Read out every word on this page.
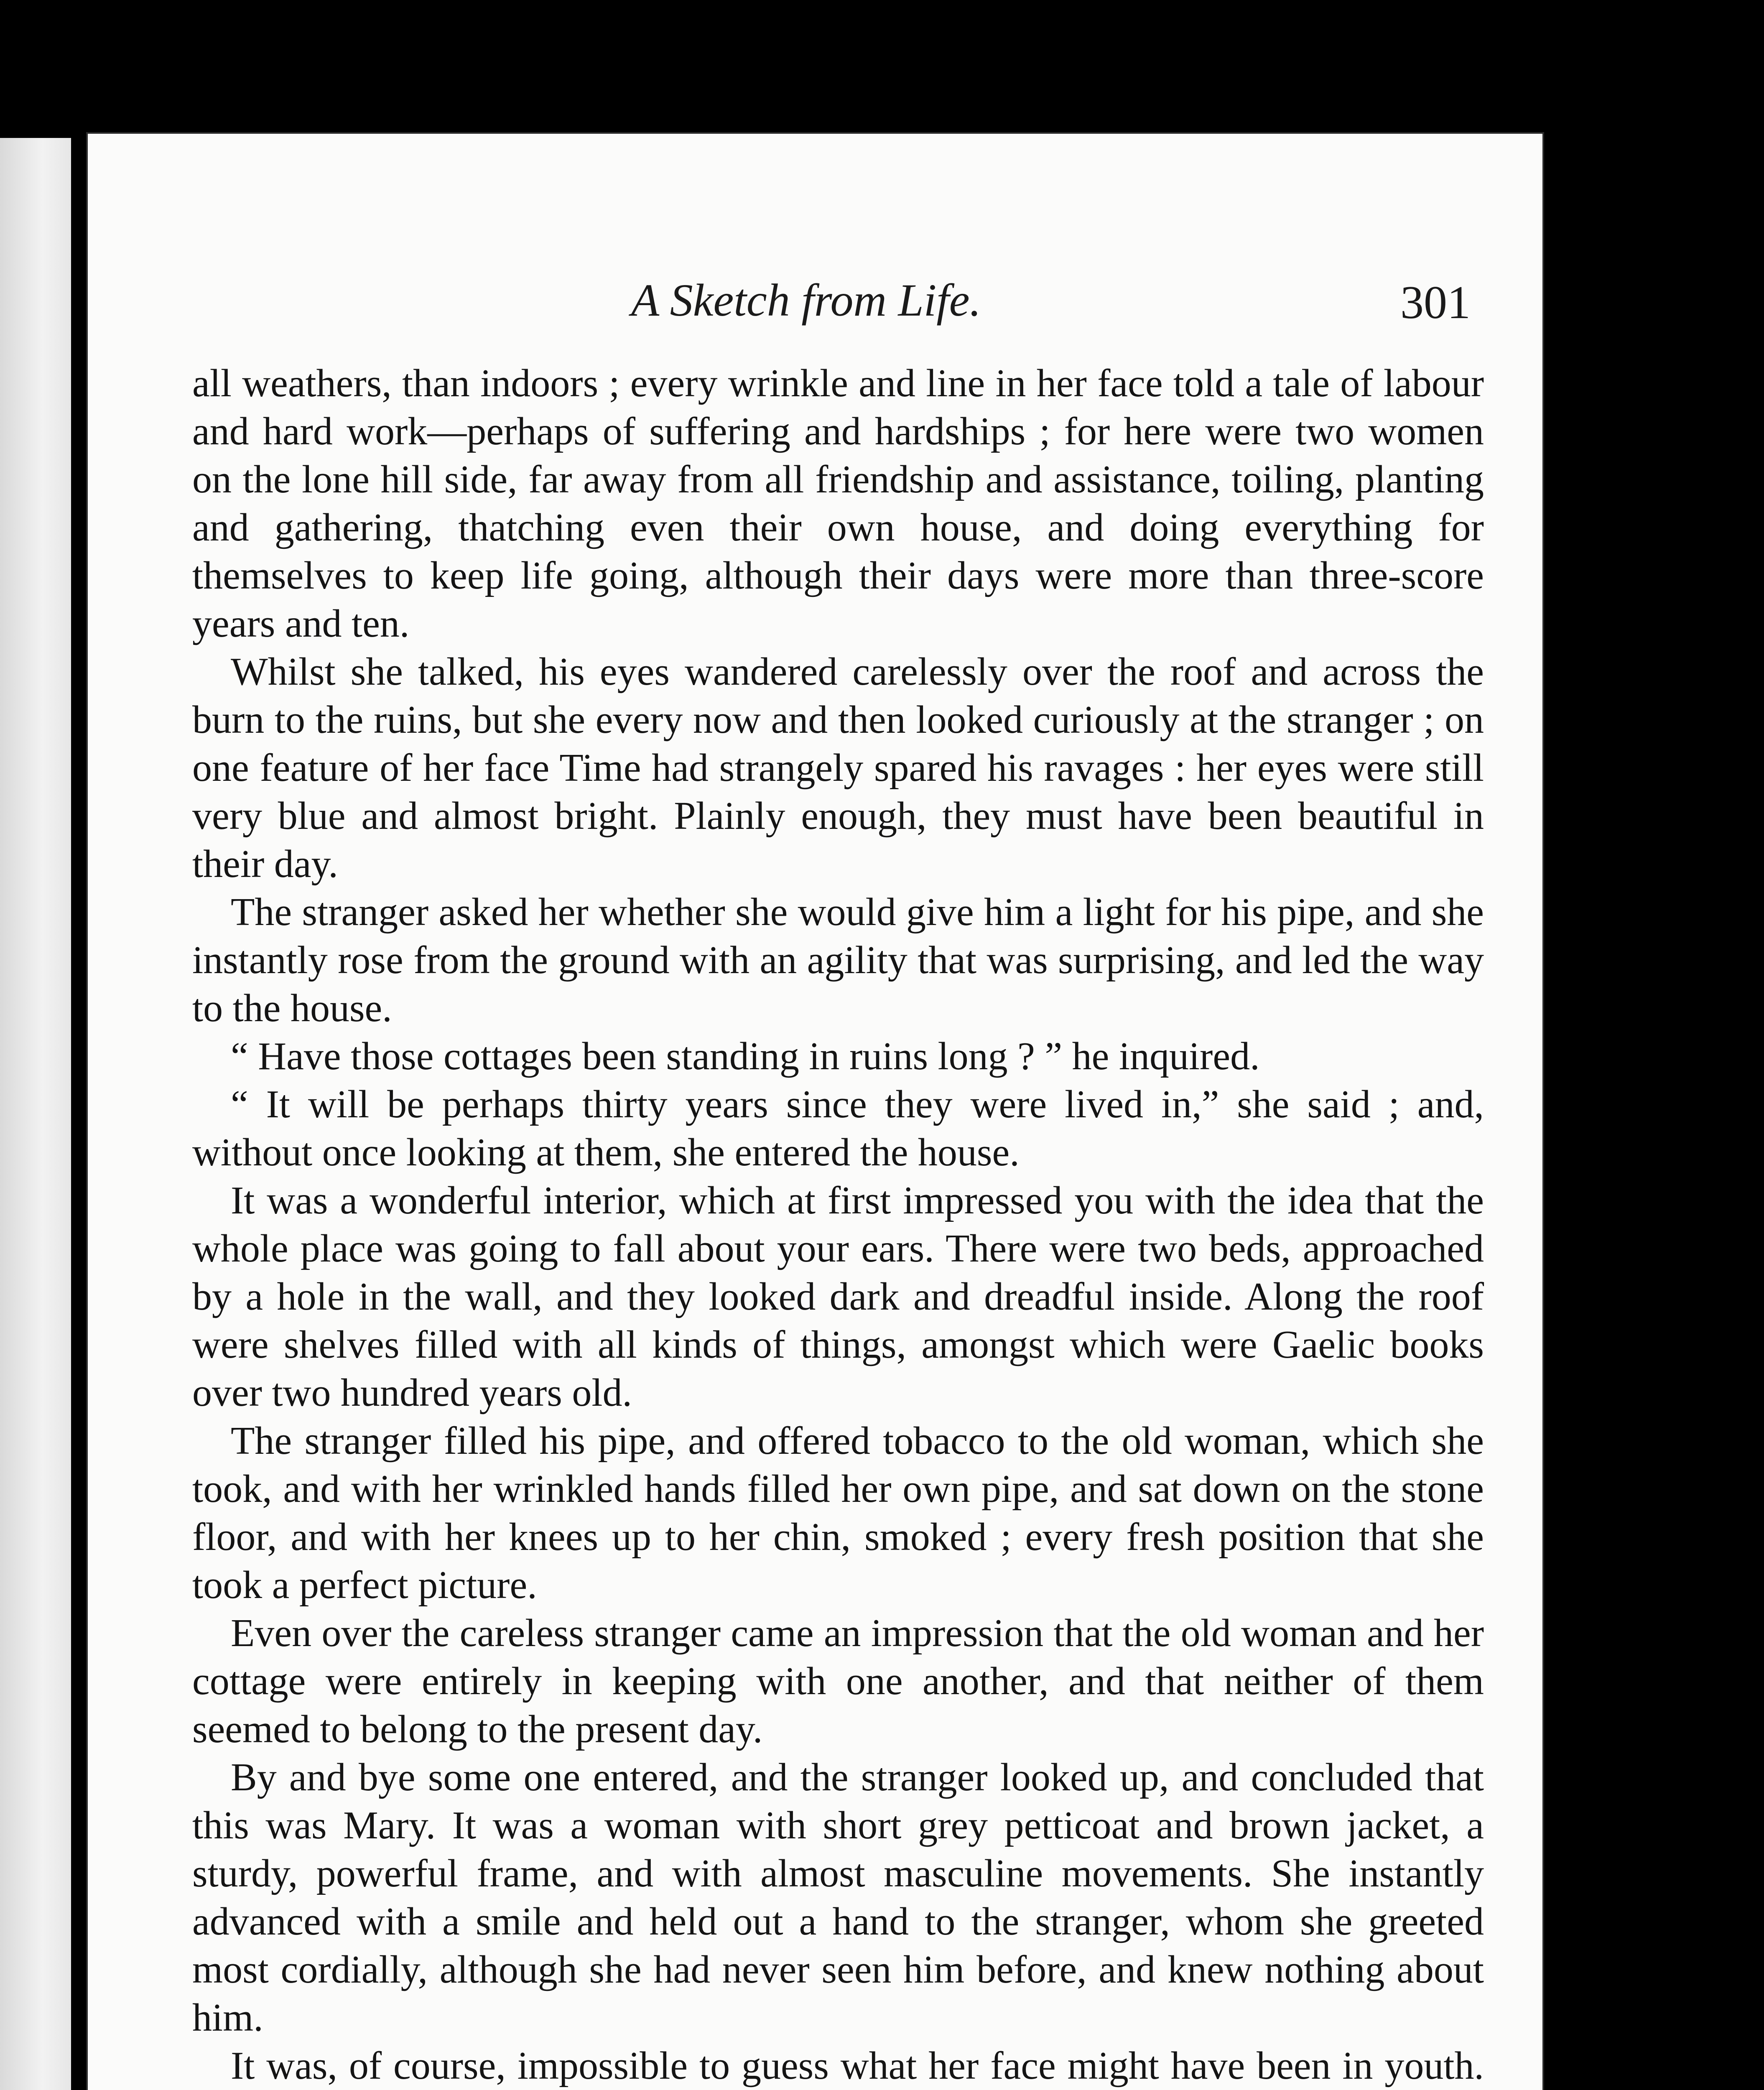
A Sketch from Life.	301

all weathers, than indoors ; every wrinkle and line in her face told a tale of labour and hard work—perhaps of suffering and hardships ; for here were two women on the lone hill side, far away from all friendship and assistance, toiling, planting and gathering, thatching even their own house, and doing everything for themselves to keep life going, although their days were more than three-score years and ten.

Whilst she talked, his eyes wandered carelessly over the roof and across the burn to the ruins, but she every now and then looked curiously at the stranger ; on one feature of her face Time had strangely spared his ravages : her eyes were still very blue and almost bright. Plainly enough, they must have been beautiful in their day.

The stranger asked her whether she would give him a light for his pipe, and she instantly rose from the ground with an agility that was surprising, and led the way to the house.

“ Have those cottages been standing in ruins long ? ” he inquired.

“ It will be perhaps thirty years since they were lived in,” she said ; and, without once looking at them, she entered the house.

It was a wonderful interior, which at first impressed you with the idea that the whole place was going to fall about your ears. There were two beds, approached by a hole in the wall, and they looked dark and dreadful inside. Along the roof were shelves filled with all kinds of things, amongst which were Gaelic books over two hundred years old.

The stranger filled his pipe, and offered tobacco to the old woman, which she took, and with her wrinkled hands filled her own pipe, and sat down on the stone floor, and with her knees up to her chin, smoked ; every fresh position that she took a perfect picture.

Even over the careless stranger came an impression that the old woman and her cottage were entirely in keeping with one another, and that neither of them seemed to belong to the present day.

By and bye some one entered, and the stranger looked up, and concluded that this was Mary. It was a woman with short grey petticoat and brown jacket, a sturdy, powerful frame, and with almost masculine movements. She instantly advanced with a smile and held out a hand to the stranger, whom she greeted most cordially, although she had never seen him before, and knew nothing about him.

It was, of course, impossible to guess what her face might have been in youth.
